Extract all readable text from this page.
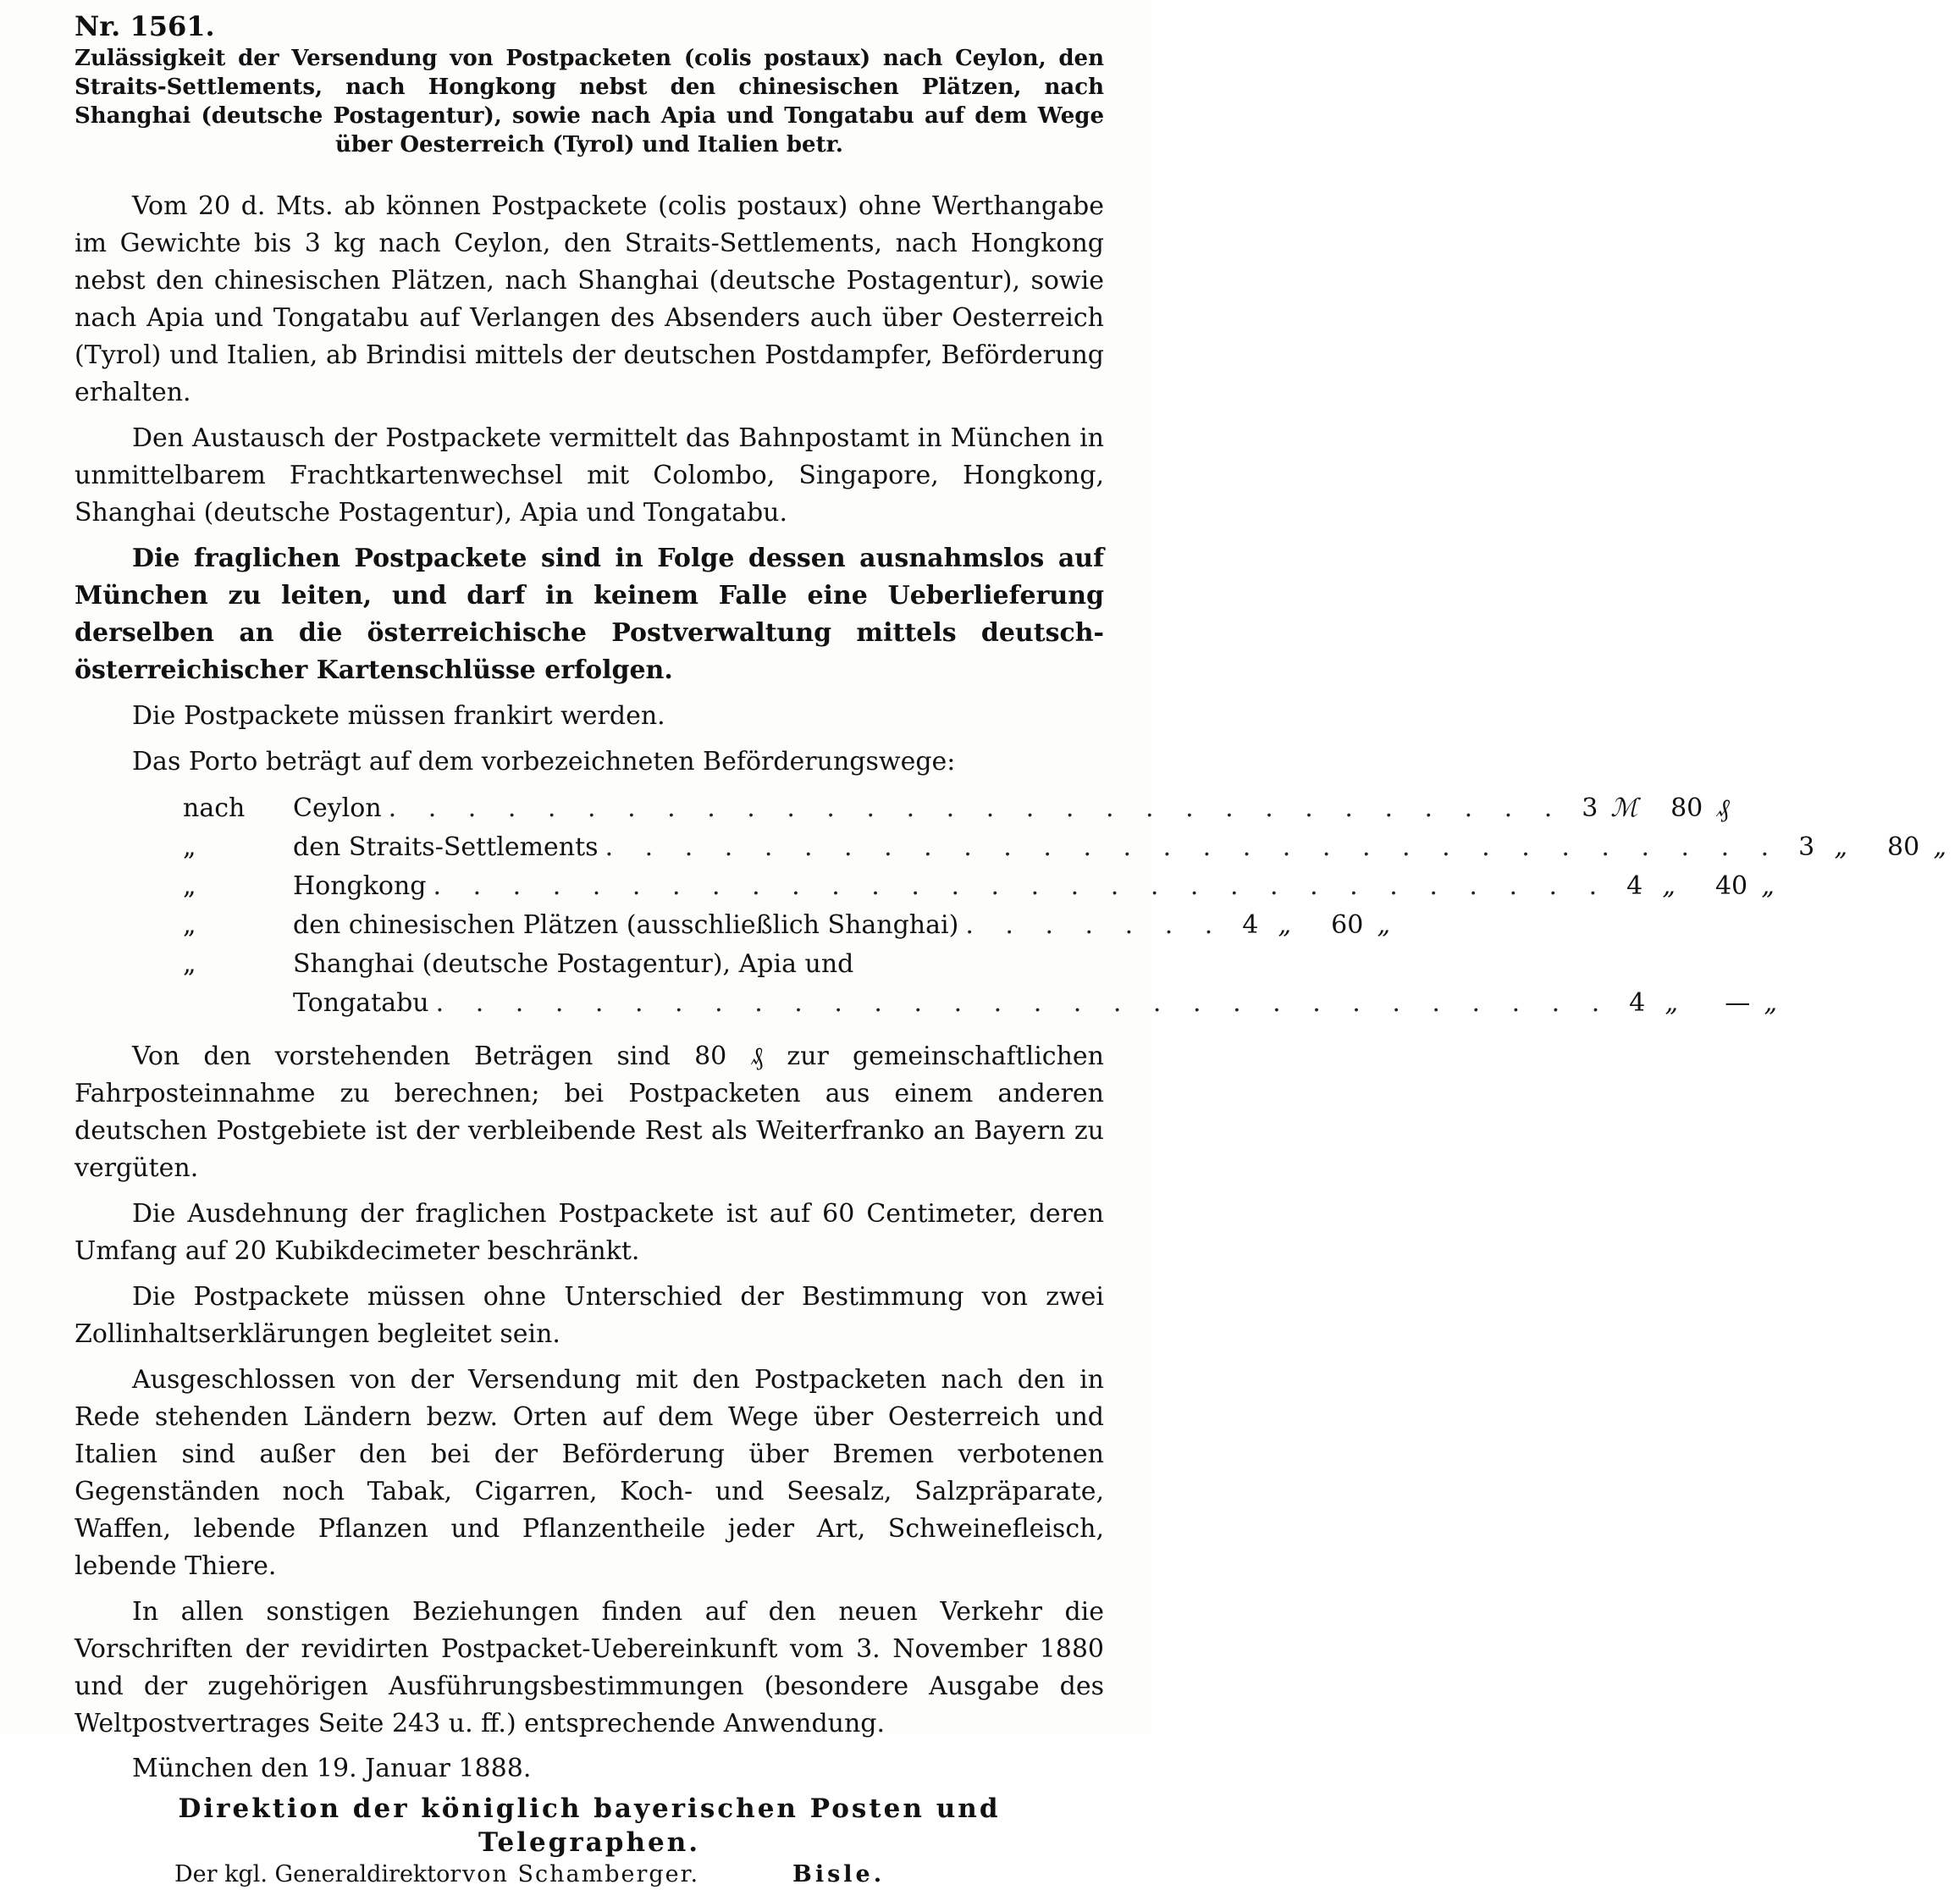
Nr. 1561.
Zulässigkeit der Versendung von Postpacketen (colis postaux) nach Ceylon, den Straits-Settlements, nach Hongkong nebst den chinesischen Plätzen, nach Shanghai (deutsche Postagentur), sowie nach Apia und Tongatabu auf dem Wege über Oesterreich (Tyrol) und Italien betr.

Vom 20 d. Mts. ab können Postpackete (colis postaux) ohne Werthangabe im Gewichte bis 3 kg nach Ceylon, den Straits-Settlements, nach Hongkong nebst den chinesischen Plätzen, nach Shanghai (deutsche Postagentur), sowie nach Apia und Tongatabu auf Verlangen des Absenders auch über Oesterreich (Tyrol) und Italien, ab Brindisi mittels der deutschen Postdampfer, Beförderung erhalten.

Den Austausch der Postpackete vermittelt das Bahnpostamt in München in unmittelbarem Frachtkartenwechsel mit Colombo, Singapore, Hongkong, Shanghai (deutsche Postagentur), Apia und Tongatabu.

Die fraglichen Postpackete sind in Folge dessen ausnahmslos auf München zu leiten, und darf in keinem Falle eine Ueberlieferung derselben an die österreichische Postverwaltung mittels deutsch-österreichischer Kartenschlüsse erfolgen.

Die Postpackete müssen frankirt werden.

Das Porto beträgt auf dem vorbezeichneten Beförderungswege:

nach	Ceylon . . . . . . . . . . . . . . . . . . . . . . . . . . . . . . 3 ℳ	80 ₰
„	den Straits-Settlements . . . . . . . . . . . . . . . . . . . . . . . . . . . . . . 3 „	80 „
„	Hongkong . . . . . . . . . . . . . . . . . . . . . . . . . . . . . . 4 „	40 „
„	den chinesischen Plätzen (ausschließlich Shanghai) . . . . . . . 4 „	60 „
„	Shanghai (deutsche Postagentur), Apia und
Tongatabu . . . . . . . . . . . . . . . . . . . . . . . . . . . . . . 4 „	— „

Von den vorstehenden Beträgen sind 80 ₰ zur gemeinschaftlichen Fahrposteinnahme zu berechnen; bei Postpacketen aus einem anderen deutschen Postgebiete ist der verbleibende Rest als Weiterfranko an Bayern zu vergüten.

Die Ausdehnung der fraglichen Postpackete ist auf 60 Centimeter, deren Umfang auf 20 Kubikdecimeter beschränkt.

Die Postpackete müssen ohne Unterschied der Bestimmung von zwei Zollinhaltserklärungen begleitet sein.

Ausgeschlossen von der Versendung mit den Postpacketen nach den in Rede stehenden Ländern bezw. Orten auf dem Wege über Oesterreich und Italien sind außer den bei der Beförderung über Bremen verbotenen Gegenständen noch Tabak, Cigarren, Koch- und Seesalz, Salzpräparate, Waffen, lebende Pflanzen und Pflanzentheile jeder Art, Schweinefleisch, lebende Thiere.

In allen sonstigen Beziehungen finden auf den neuen Verkehr die Vorschriften der revidirten Postpacket-Uebereinkunft vom 3. November 1880 und der zugehörigen Ausführungsbestimmungen (besondere Ausgabe des Weltpostvertrages Seite 243 u. ff.) entsprechende Anwendung.

München den 19. Januar 1888.
Direktion der königlich bayerischen Posten und Telegraphen.
Der kgl. Generaldirektor von Schamberger.	Bisle.
